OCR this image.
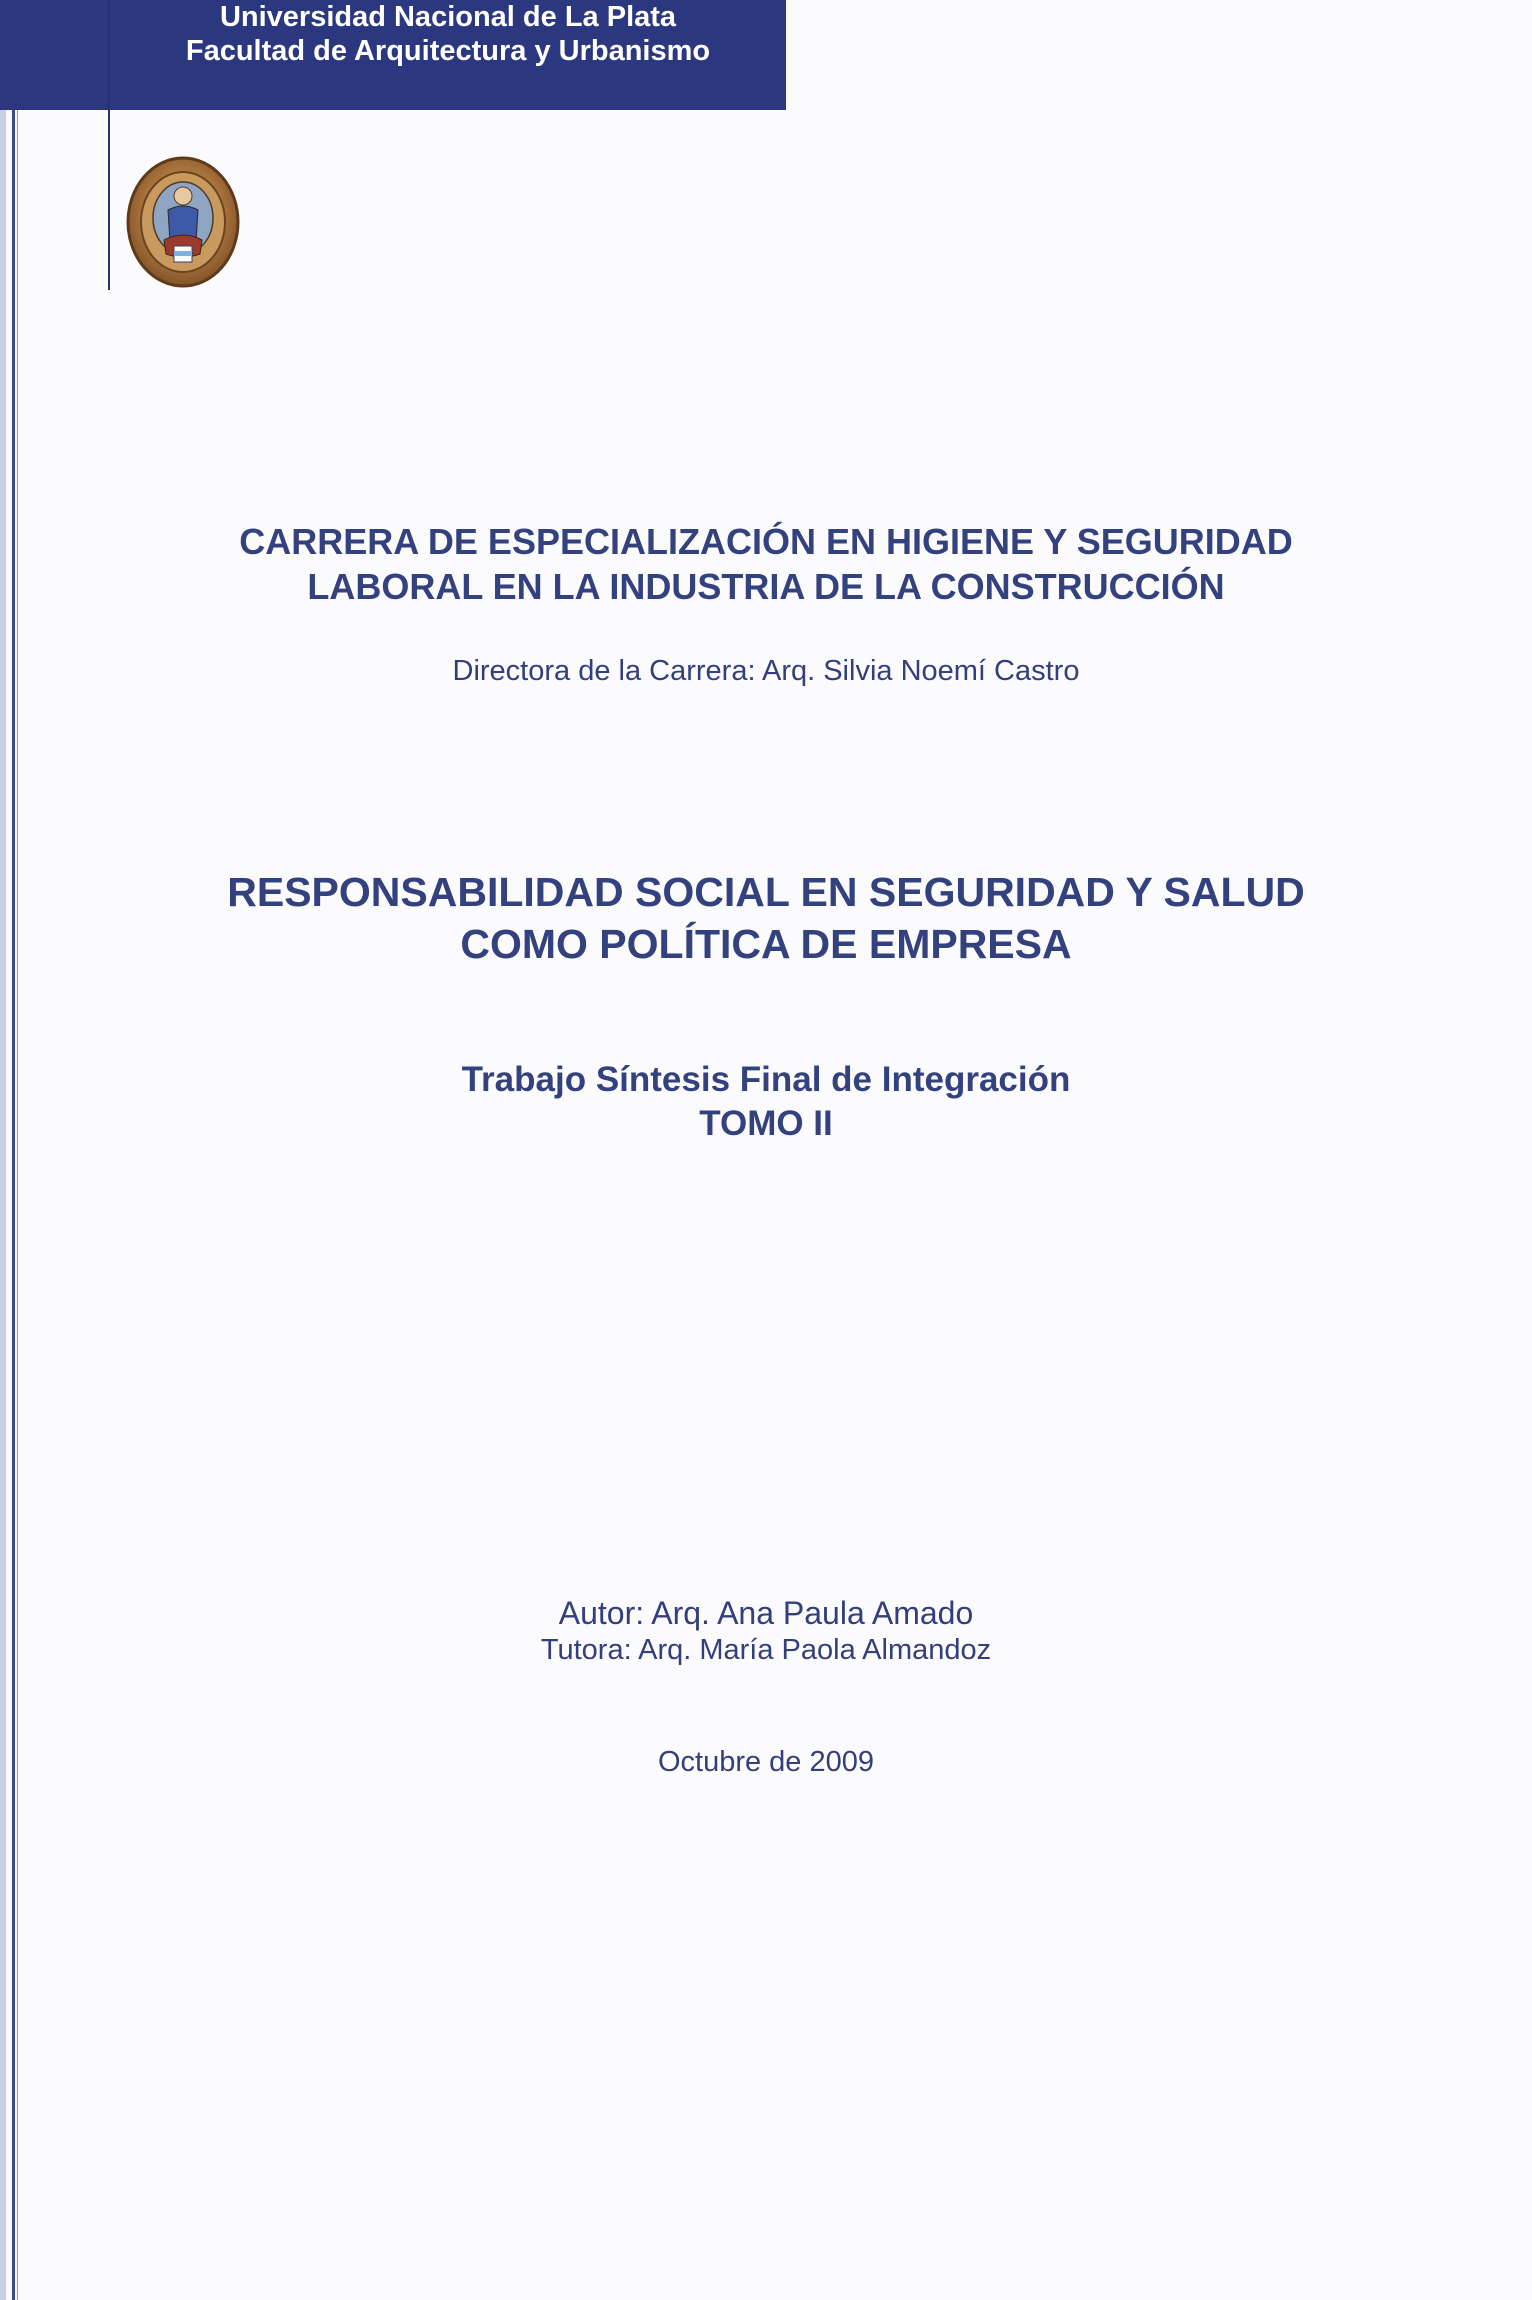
Universidad Nacional de La Plata
Facultad de Arquitectura y Urbanismo
CARRERA DE ESPECIALIZACIÓN EN HIGIENE Y SEGURIDAD
LABORAL EN LA INDUSTRIA DE LA CONSTRUCCIÓN
Directora de la Carrera: Arq. Silvia Noemí Castro
RESPONSABILIDAD SOCIAL EN SEGURIDAD Y SALUD
COMO POLÍTICA DE EMPRESA
Trabajo Síntesis Final de Integración
TOMO II
Autor: Arq. Ana Paula Amado
Tutora: Arq. María Paola Almandoz
Octubre de 2009
